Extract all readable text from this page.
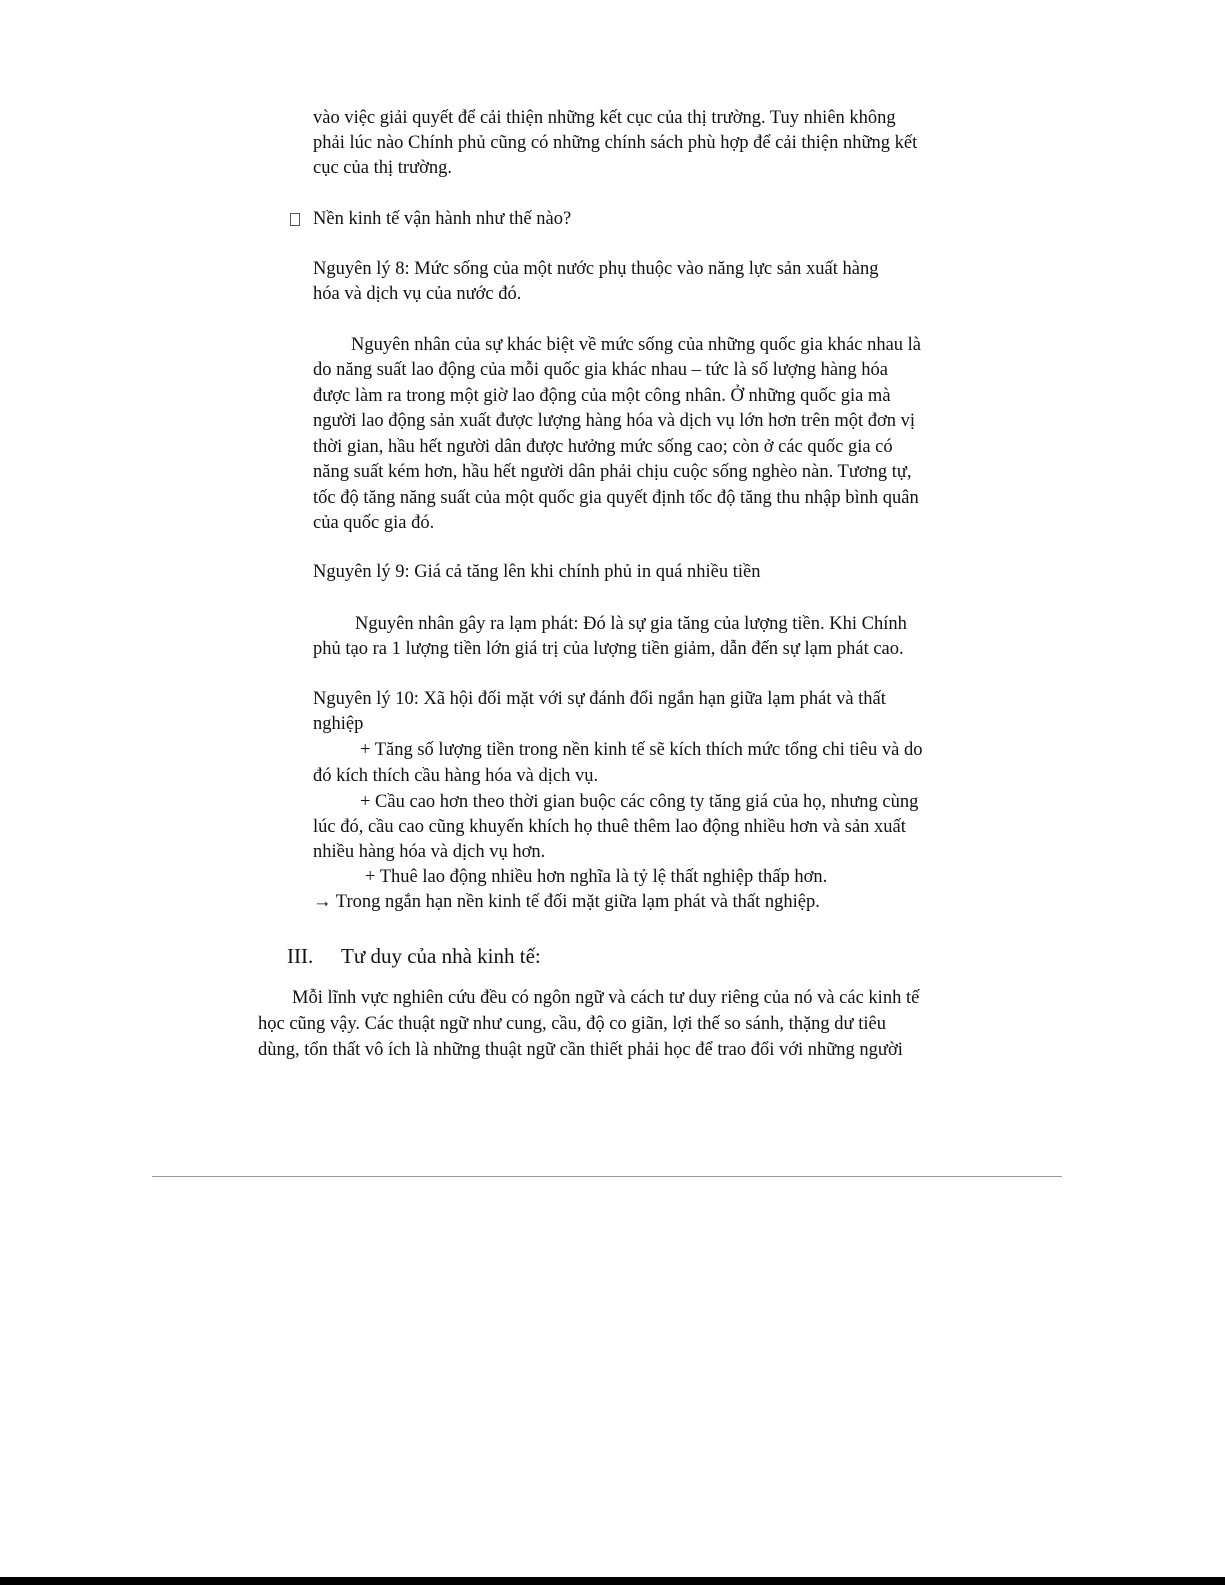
vào việc giải quyết để cải thiện những kết cục của thị trường. Tuy nhiên không
phải lúc nào Chính phủ cũng có những chính sách phù hợp để cải thiện những kết
cục của thị trường.
Nền kinh tế vận hành như thế nào?
Nguyên lý 8: Mức sống của một nước phụ thuộc vào năng lực sản xuất hàng
hóa và dịch vụ của nước đó.
Nguyên nhân của sự khác biệt về mức sống của những quốc gia khác nhau là
do năng suất lao động của mỗi quốc gia khác nhau – tức là số lượng hàng hóa
được làm ra trong một giờ lao động của một công nhân. Ở những quốc gia mà
người lao động sản xuất được lượng hàng hóa và dịch vụ lớn hơn trên một đơn vị
thời gian, hầu hết người dân được hưởng mức sống cao; còn ở các quốc gia có
năng suất kém hơn, hầu hết người dân phải chịu cuộc sống nghèo nàn. Tương tự,
tốc độ tăng năng suất của một quốc gia quyết định tốc độ tăng thu nhập bình quân
của quốc gia đó.
Nguyên lý 9: Giá cả tăng lên khi chính phủ in quá nhiều tiền
Nguyên nhân gây ra lạm phát: Đó là sự gia tăng của lượng tiền. Khi Chính
phủ tạo ra 1 lượng tiền lớn giá trị của lượng tiền giảm, dẫn đến sự lạm phát cao.
Nguyên lý 10: Xã hội đối mặt với sự đánh đổi ngắn hạn giữa lạm phát và thất
nghiệp
+ Tăng số lượng tiền trong nền kinh tế sẽ kích thích mức tổng chi tiêu và do
đó kích thích cầu hàng hóa và dịch vụ.
+ Cầu cao hơn theo thời gian buộc các công ty tăng giá của họ, nhưng cùng
lúc đó, cầu cao cũng khuyến khích họ thuê thêm lao động nhiều hơn và sản xuất
nhiều hàng hóa và dịch vụ hơn.
+ Thuê lao động nhiều hơn nghĩa là tỷ lệ thất nghiệp thấp hơn.
→ Trong ngắn hạn nền kinh tế đối mặt giữa lạm phát và thất nghiệp.
III. Tư duy của nhà kinh tế:
Mỗi lĩnh vực nghiên cứu đều có ngôn ngữ và cách tư duy riêng của nó và các kinh tế
học cũng vậy. Các thuật ngữ như cung, cầu, độ co giãn, lợi thế so sánh, thặng dư tiêu
dùng, tổn thất vô ích là những thuật ngữ cần thiết phải học để trao đổi với những người
